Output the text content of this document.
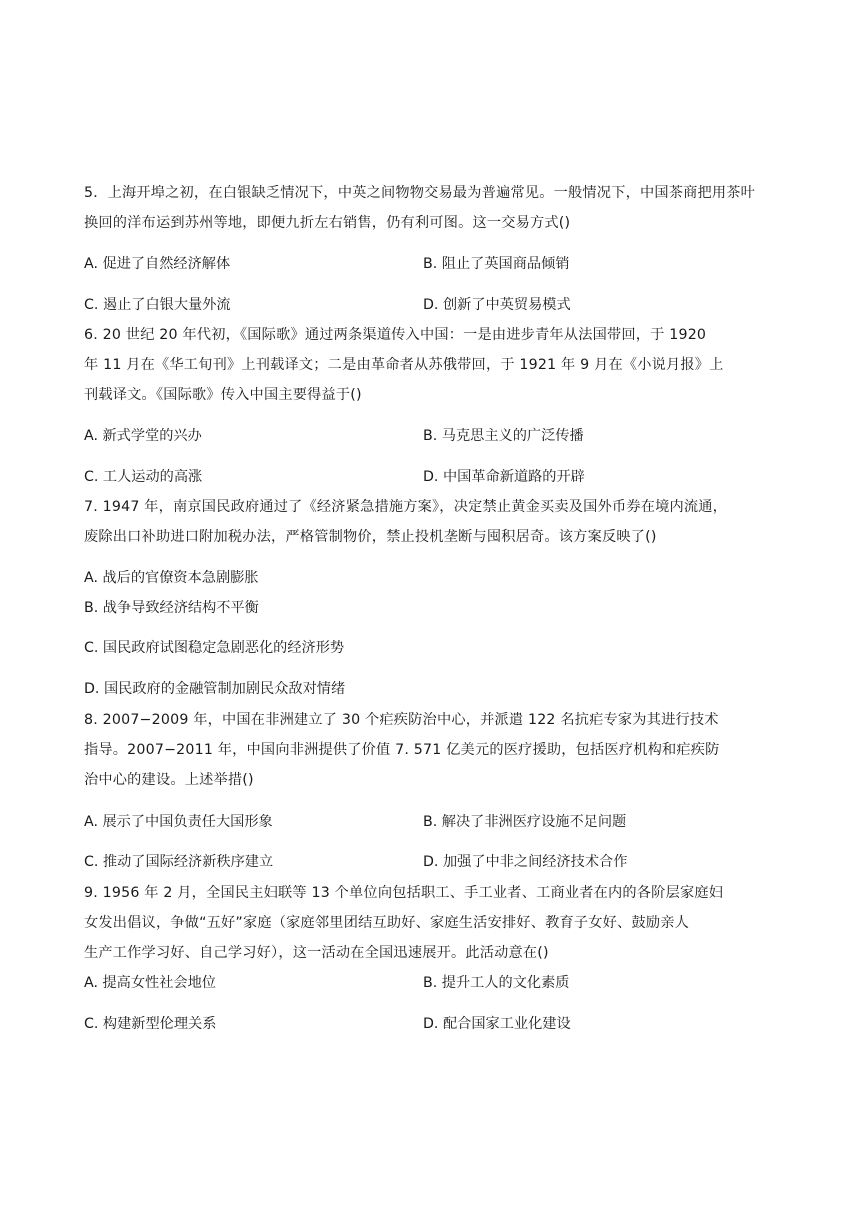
5．上海开埠之初，在白银缺乏情况下，中英之间物物交易最为普遍常见。一般情况下，中国茶商把用茶叶
换回的洋布运到苏州等地，即便九折左右销售，仍有利可图。这一交易方式()
A. 促进了自然经济解体	B. 阻止了英国商品倾销
C. 遏止了白银大量外流	D. 创新了中英贸易模式
6. 20 世纪 20 年代初，《国际歌》通过两条渠道传入中国：一是由进步青年从法国带回，于 1920
年 11 月在《华工旬刊》上刊载译文；二是由革命者从苏俄带回，于 1921 年 9 月在《小说月报》上
刊载译文。《国际歌》传入中国主要得益于()
A. 新式学堂的兴办	B. 马克思主义的广泛传播
C. 工人运动的高涨	D. 中国革命新道路的开辟
7. 1947 年，南京国民政府通过了《经济紧急措施方案》，决定禁止黄金买卖及国外币券在境内流通，
废除出口补助进口附加税办法，严格管制物价，禁止投机垄断与囤积居奇。该方案反映了()
A. 战后的官僚资本急剧膨胀
B. 战争导致经济结构不平衡
C. 国民政府试图稳定急剧恶化的经济形势
D. 国民政府的金融管制加剧民众敌对情绪
8. 2007−2009 年，中国在非洲建立了 30 个疟疾防治中心，并派遣 122 名抗疟专家为其进行技术
指导。2007−2011 年，中国向非洲提供了价值 7. 571 亿美元的医疗援助，包括医疗机构和疟疾防
治中心的建设。上述举措()
A. 展示了中国负责任大国形象	B. 解决了非洲医疗设施不足问题
C. 推动了国际经济新秩序建立	D. 加强了中非之间经济技术合作
9. 1956 年 2 月，全国民主妇联等 13 个单位向包括职工、手工业者、工商业者在内的各阶层家庭妇
女发出倡议，争做“五好”家庭（家庭邻里团结互助好、家庭生活安排好、教育子女好、鼓励亲人
生产工作学习好、自己学习好），这一活动在全国迅速展开。此活动意在()
A. 提高女性社会地位	B. 提升工人的文化素质
C. 构建新型伦理关系	D. 配合国家工业化建设
